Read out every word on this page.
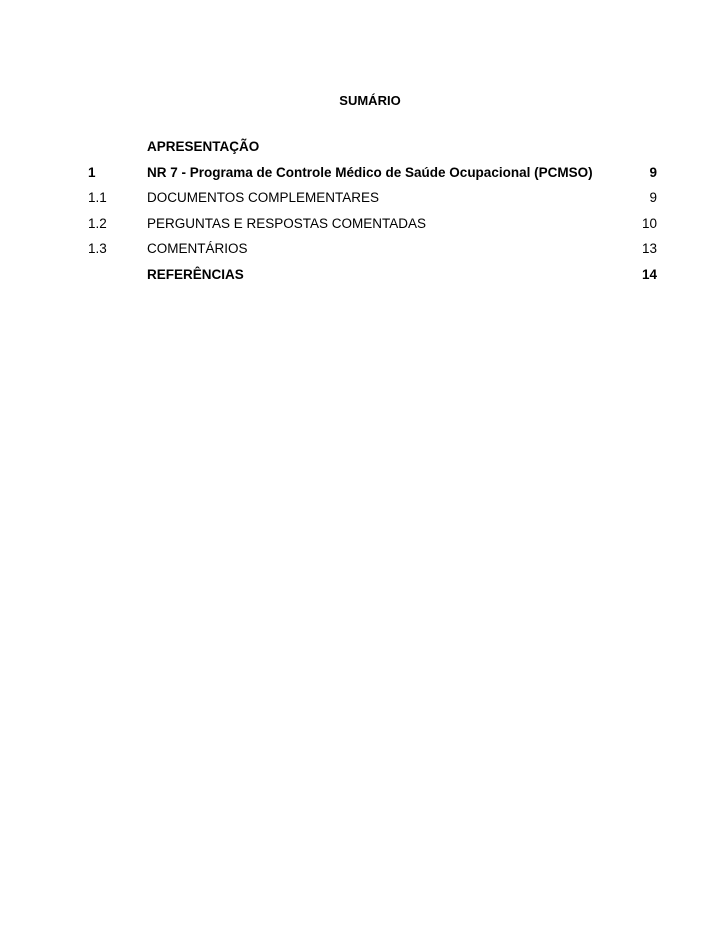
SUMÁRIO
APRESENTAÇÃO
1	NR 7 - Programa de Controle Médico de Saúde Ocupacional (PCMSO)	9
1.1	DOCUMENTOS COMPLEMENTARES	9
1.2	PERGUNTAS E RESPOSTAS COMENTADAS	10
1.3	COMENTÁRIOS	13
REFERÊNCIAS	14
